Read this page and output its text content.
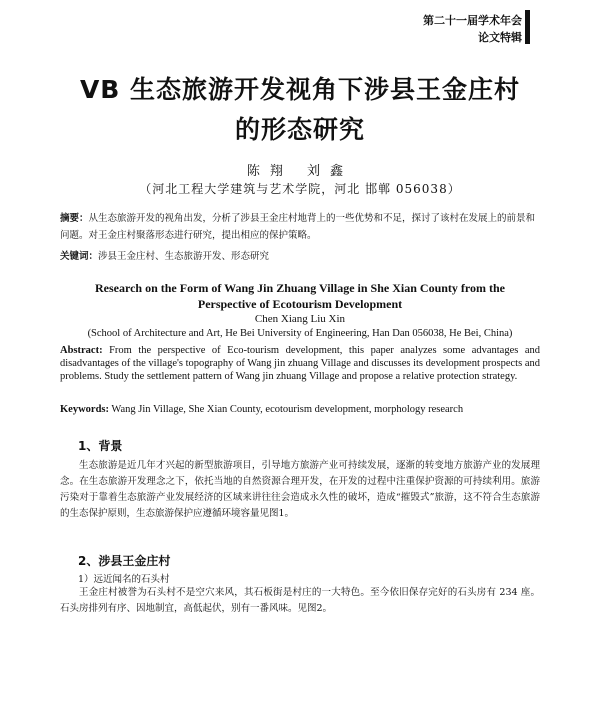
第二十一届学术年会
论文特辑
VB 生态旅游开发视角下涉县王金庄村
的形态研究
陈翔 刘鑫
（河北工程大学建筑与艺术学院，河北 邯郸 056038）
摘要：从生态旅游开发的视角出发，分析了涉县王金庄村地背上的一些优势和不足，探讨了该村在发展上的前景和问题。对王金庄村聚落形态进行研究，提出相应的保护策略。
关键词：涉县王金庄村、生态旅游开发、形态研究
Research on the Form of Wang Jin Zhuang Village in She Xian County from the
Perspective of Ecotourism Development
Chen Xiang Liu Xin
(School of Architecture and Art, He Bei University of Engineering, Han Dan 056038, He Bei, China)
Abstract: From the perspective of Eco-tourism development, this paper analyzes some advantages and disadvantages of the village's topography of Wang jin zhuang Village and discusses its development prospects and problems. Study the settlement pattern of Wang jin zhuang Village and propose a relative protection strategy.
Keywords: Wang Jin Village, She Xian County, ecotourism development, morphology research
1、背景
生态旅游是近几年才兴起的新型旅游项目，引导地方旅游产业可持续发展，逐渐的转变地方旅游产业的发展理念。在生态旅游开发理念之下，依托当地的自然资源合理开发，在开发的过程中注重保护资源的可持续利用。旅游污染对于靠着生态旅游产业发展经济的区域来讲往往会造成永久性的破坏，造成“摧毁式”旅游，这不符合生态旅游的生态保护原则，生态旅游保护应遵循环境容量见图1。
2、涉县王金庄村
1）远近闻名的石头村
王金庄村被誉为石头村不是空穴来风，其石板街是村庄的一大特色。至今依旧保存完好的石头房有 234 座。石头房排列有序、因地制宜，高低起伏，别有一番风味。见图2。
